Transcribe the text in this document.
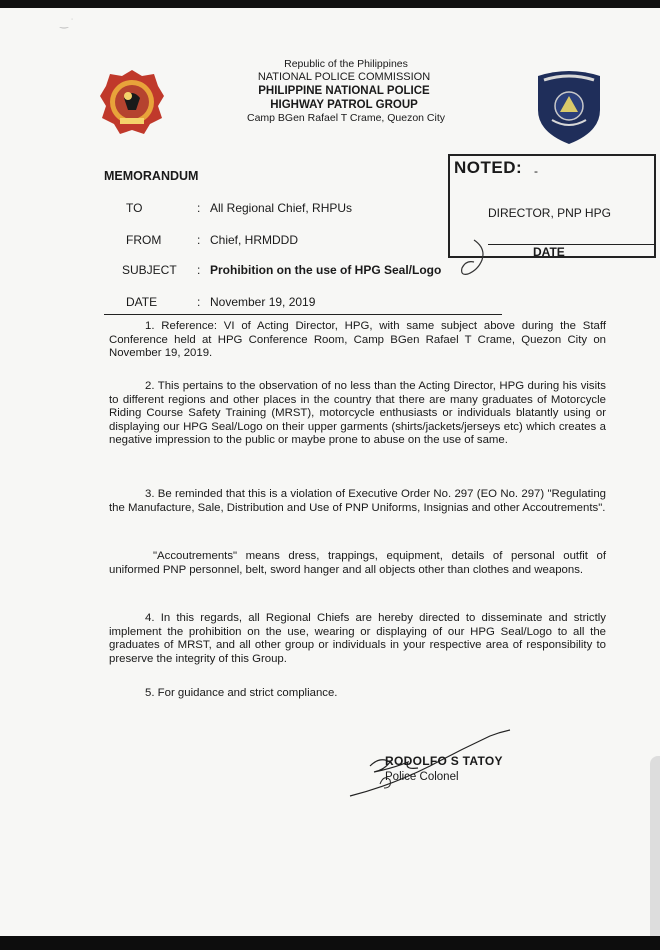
‿ ˙
Republic of the Philippines
NATIONAL POLICE COMMISSION
PHILIPPINE NATIONAL POLICE
HIGHWAY PATROL GROUP
Camp BGen Rafael T Crame, Quezon City
NOTED: -
DIRECTOR, PNP HPG
DATE
MEMORANDUM
TO	: All Regional Chief, RHPUs
FROM	: Chief, HRMDDD
SUBJECT : Prohibition on the use of HPG Seal/Logo
DATE	: November 19, 2019

1. Reference: VI of Acting Director, HPG, with same subject above during the Staff Conference held at HPG Conference Room, Camp BGen Rafael T Crame, Quezon City on November 19, 2019.

2. This pertains to the observation of no less than the Acting Director, HPG during his visits to different regions and other places in the country that there are many graduates of Motorcycle Riding Course Safety Training (MRST), motorcycle enthusiasts or individuals blatantly using or displaying our HPG Seal/Logo on their upper garments (shirts/jackets/jerseys etc) which creates a negative impression to the public or maybe prone to abuse on the use of same.

3. Be reminded that this is a violation of Executive Order No. 297 (EO No. 297) "Regulating the Manufacture, Sale, Distribution and Use of PNP Uniforms, Insignias and other Accoutrements".

"Accoutrements" means dress, trappings, equipment, details of personal outfit of uniformed PNP personnel, belt, sword hanger and all objects other than clothes and weapons.

4. In this regards, all Regional Chiefs are hereby directed to disseminate and strictly implement the prohibition on the use, wearing or displaying of our HPG Seal/Logo to all the graduates of MRST, and all other group or individuals in your respective area of responsibility to preserve the integrity of this Group.

5. For guidance and strict compliance.

RODOLFO S TATOY
Police Colonel
